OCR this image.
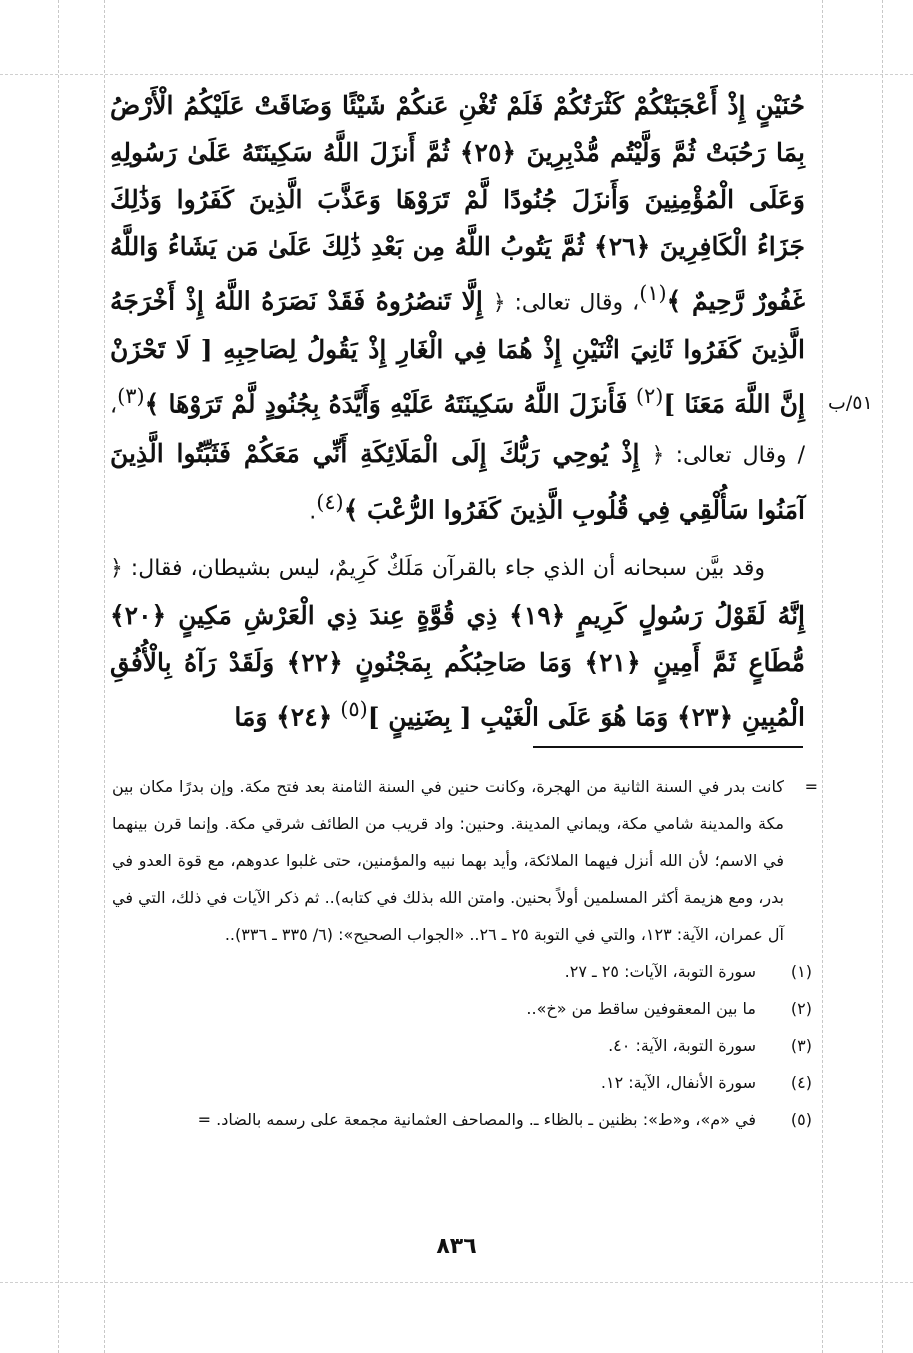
حُنَيْنٍ إِذْ أَعْجَبَتْكُمْ كَثْرَتُكُمْ فَلَمْ تُغْنِ عَنكُمْ شَيْئًا وَضَاقَتْ عَلَيْكُمُ الْأَرْضُ بِمَا رَحُبَتْ ثُمَّ وَلَّيْتُم مُّدْبِرِينَ ﴿٢٥﴾ ثُمَّ أَنزَلَ اللَّهُ سَكِينَتَهُ عَلَىٰ رَسُولِهِ وَعَلَى الْمُؤْمِنِينَ وَأَنزَلَ جُنُودًا لَّمْ تَرَوْهَا وَعَذَّبَ الَّذِينَ كَفَرُوا وَذَٰلِكَ جَزَاءُ الْكَافِرِينَ ﴿٢٦﴾ ثُمَّ يَتُوبُ اللَّهُ مِن بَعْدِ ذَٰلِكَ عَلَىٰ مَن يَشَاءُ وَاللَّهُ غَفُورٌ رَّحِيمٌ ﴾$^{(١)}$، وقال تعالى: ﴿ إِلَّا تَنصُرُوهُ فَقَدْ نَصَرَهُ اللَّهُ إِذْ أَخْرَجَهُ الَّذِينَ كَفَرُوا ثَانِيَ اثْنَيْنِ إِذْ هُمَا فِي الْغَارِ إِذْ يَقُولُ لِصَاحِبِهِ [ لَا تَحْزَنْ إِنَّ اللَّهَ مَعَنَا ]$^{(٢)}$ فَأَنزَلَ اللَّهُ سَكِينَتَهُ عَلَيْهِ وَأَيَّدَهُ بِجُنُودٍ لَّمْ تَرَوْهَا ﴾$^{(٣)}$، / وقال تعالى: ﴿ إِذْ يُوحِي رَبُّكَ إِلَى الْمَلَائِكَةِ أَنِّي مَعَكُمْ فَثَبِّتُوا الَّذِينَ آمَنُوا سَأُلْقِي فِي قُلُوبِ الَّذِينَ كَفَرُوا الرُّعْبَ ﴾$^{(٤)}$.

وقد بيَّن سبحانه أن الذي جاء بالقرآن مَلَكٌ كَرِيمٌ، ليس بشيطان، فقال: ﴿ إِنَّهُ لَقَوْلُ رَسُولٍ كَرِيمٍ ﴿١٩﴾ ذِي قُوَّةٍ عِندَ ذِي الْعَرْشِ مَكِينٍ ﴿٢٠﴾ مُّطَاعٍ ثَمَّ أَمِينٍ ﴿٢١﴾ وَمَا صَاحِبُكُم بِمَجْنُونٍ ﴿٢٢﴾ وَلَقَدْ رَآهُ بِالْأُفُقِ الْمُبِينِ ﴿٢٣﴾ وَمَا هُوَ عَلَى الْغَيْبِ [ بِضَنِينٍ ]$^{(٥)}$ ﴿٢٤﴾ وَمَا

٥١/ب

=
كانت بدر في السنة الثانية من الهجرة، وكانت حنين في السنة الثامنة بعد فتح مكة. وإن بدرًا مكان بين مكة والمدينة شامي مكة، ويماني المدينة. وحنين: واد قريب من الطائف شرقي مكة. وإنما قرن بينهما في الاسم؛ لأن الله أنزل فيهما الملائكة، وأيد بهما نبيه والمؤمنين، حتى غلبوا عدوهم، مع قوة العدو في بدر، ومع هزيمة أكثر المسلمين أولاً بحنين. وامتن الله بذلك في كتابه).. ثم ذكر الآيات في ذلك، التي في آل عمران، الآية: ١٢٣، والتي في التوبة ٢٥ ـ ٢٦.. «الجواب الصحيح»: (٦/ ٣٣٥ ـ ٣٣٦)..

(١)
سورة التوبة، الآيات: ٢٥ ـ ٢٧.
(٢)
ما بين المعقوفين ساقط من «خ»..
(٣)
سورة التوبة، الآية: ٤٠.
(٤)
سورة الأنفال، الآية: ١٢.
(٥)
في «م»، و«ط»: بظنين ـ بالظاء ـ. والمصاحف العثمانية مجمعة على رسمه بالضاد. =
٨٣٦
